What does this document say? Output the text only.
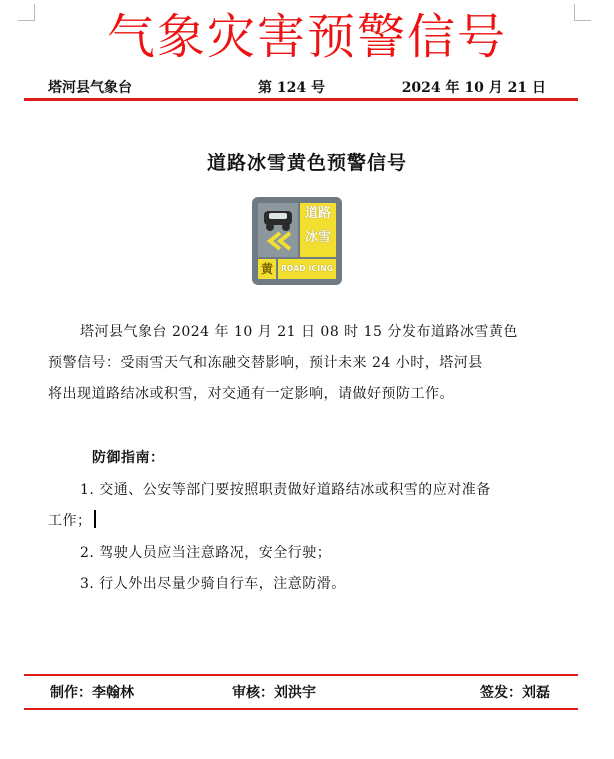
气象灾害预警信号
塔河县气象台	第 124 号	2024 年 10 月 21 日
道路冰雪黄色预警信号
道路
冰雪
黄	ROAD ICING
塔河县气象台 2024 年 10 月 21 日 08 时 15 分发布道路冰雪黄色
预警信号：受雨雪天气和冻融交替影响，预计未来 24 小时，塔河县
将出现道路结冰或积雪，对交通有一定影响，请做好预防工作。
防御指南：
1. 交通、公安等部门要按照职责做好道路结冰或积雪的应对准备
工作；
2. 驾驶人员应当注意路况，安全行驶；
3. 行人外出尽量少骑自行车，注意防滑。
制作：李翰林	审核：刘洪宇	签发：刘磊
